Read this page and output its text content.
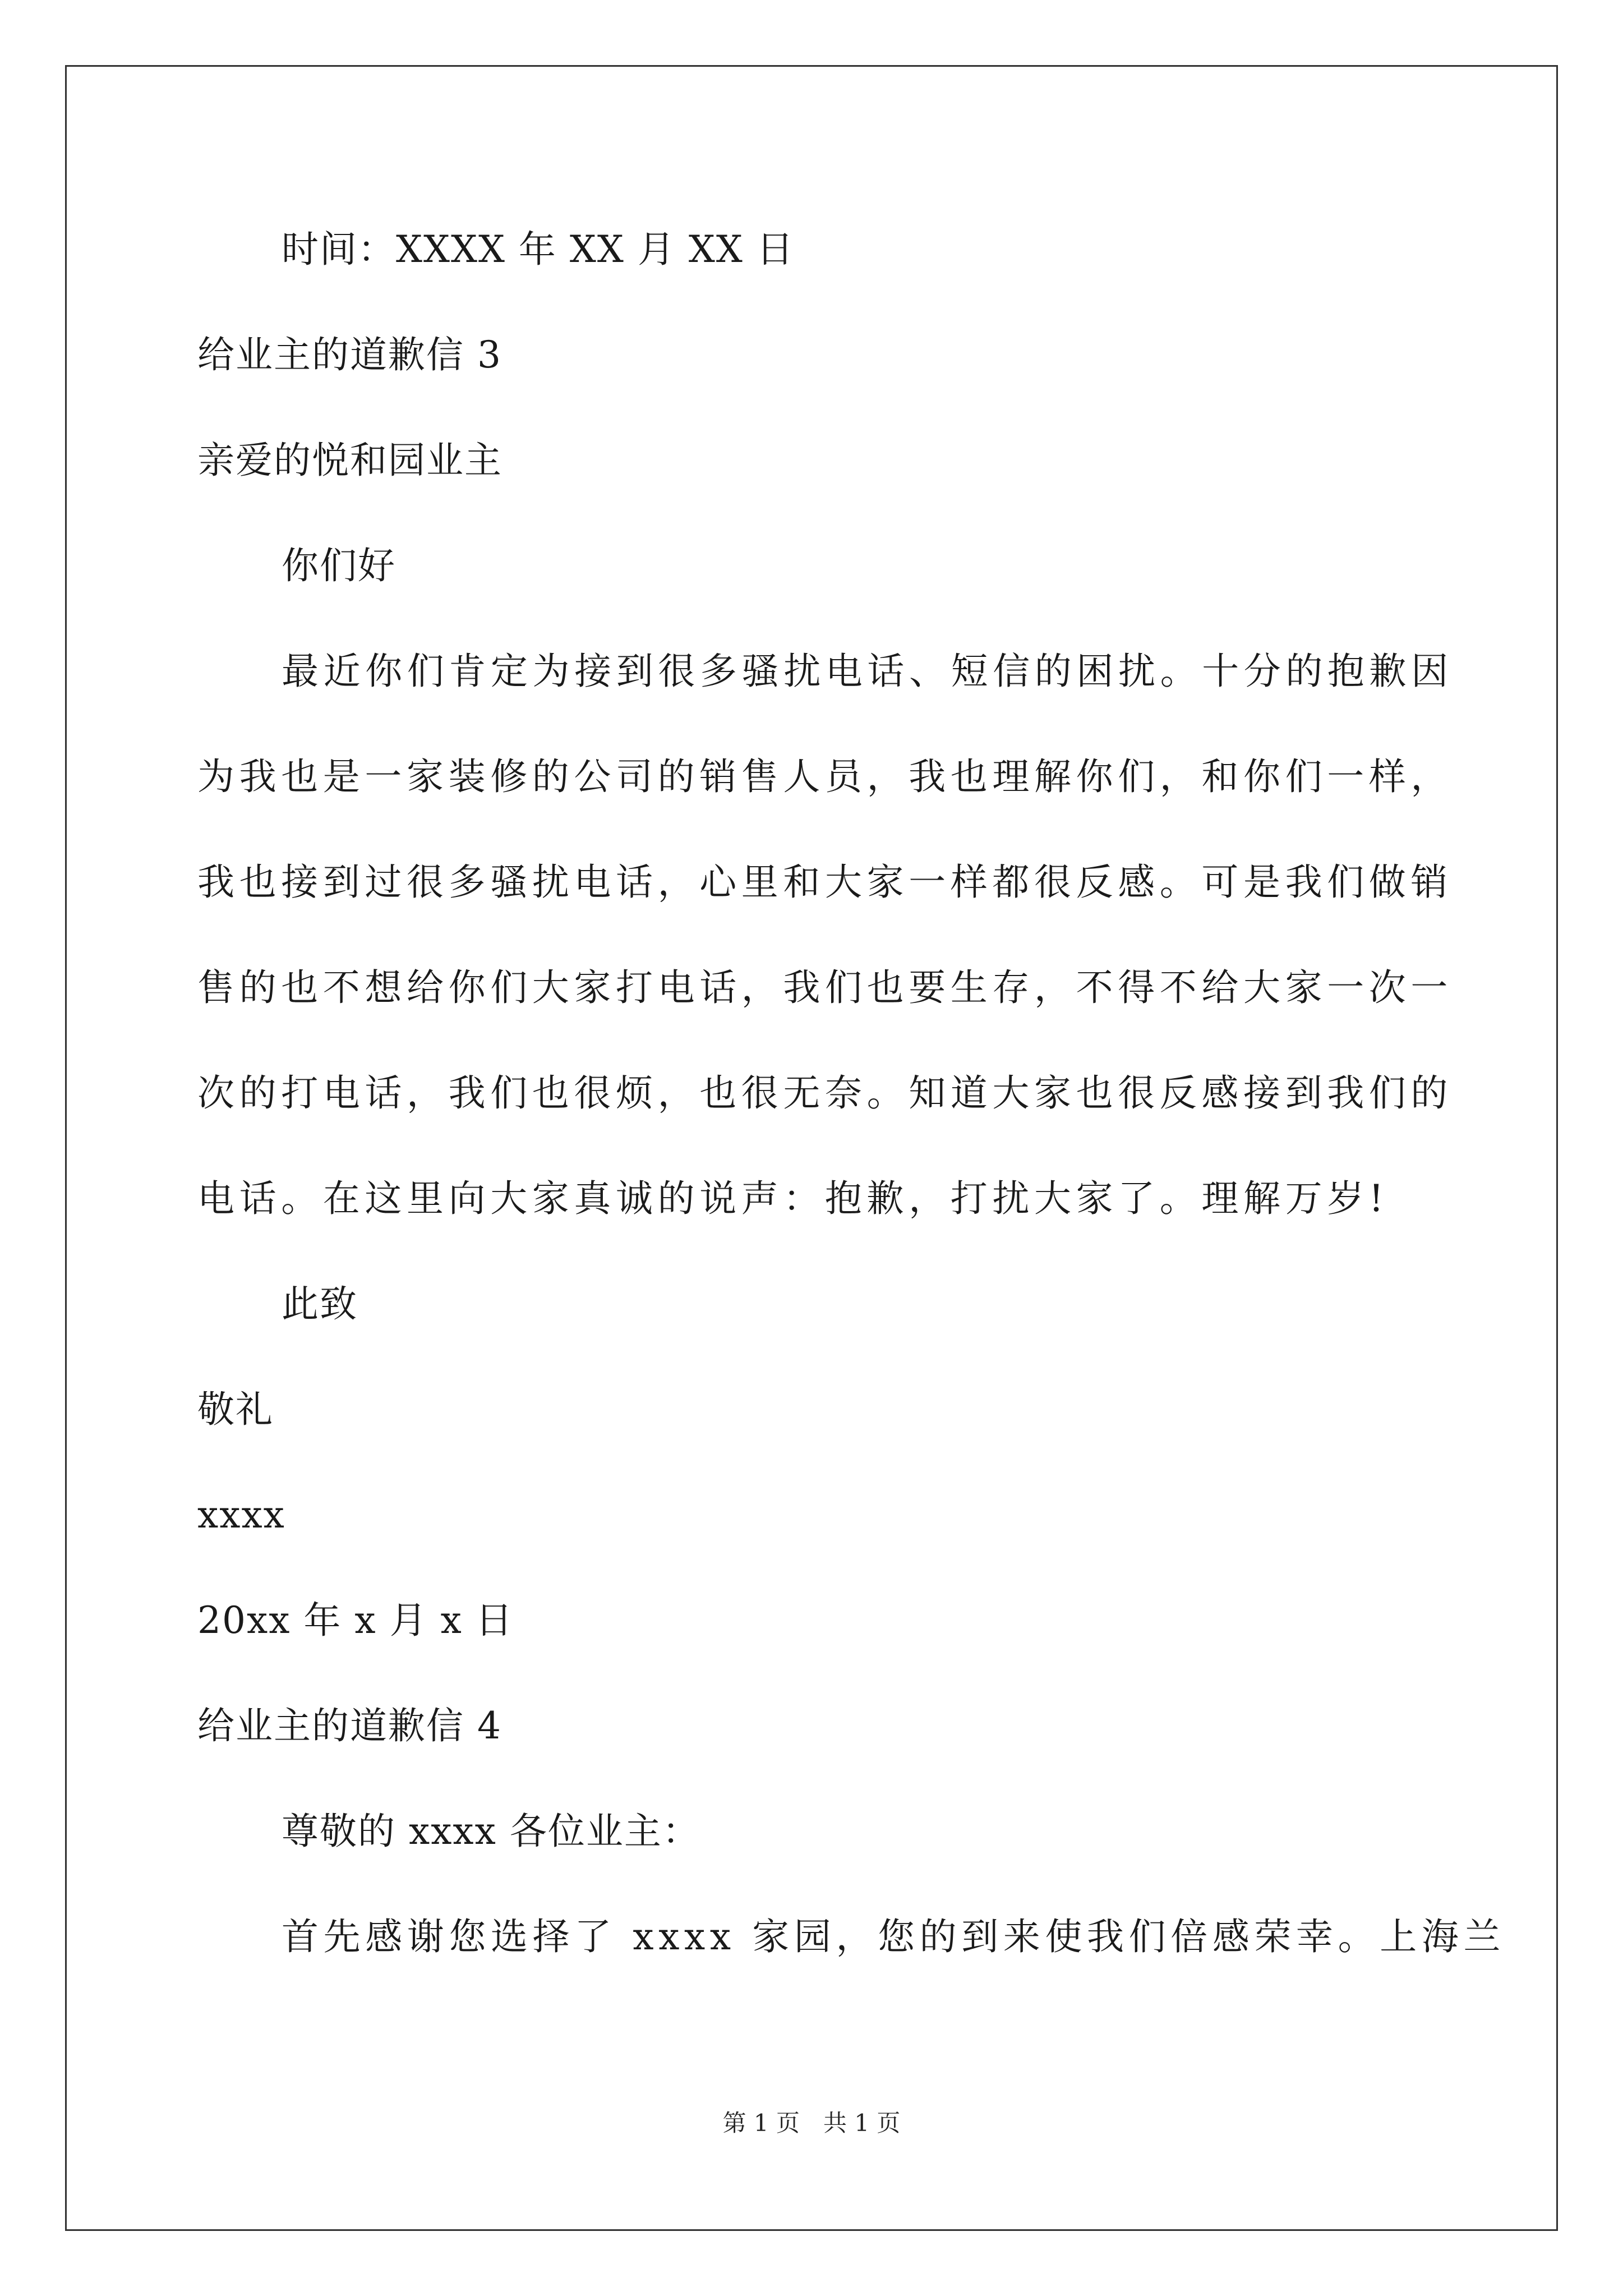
时间：XXXX 年 XX 月 XX 日
给业主的道歉信 3
亲爱的悦和园业主
你们好
最近你们肯定为接到很多骚扰电话、短信的困扰。十分的抱歉因
为我也是一家装修的公司的销售人员，我也理解你们，和你们一样，
我也接到过很多骚扰电话，心里和大家一样都很反感。可是我们做销
售的也不想给你们大家打电话，我们也要生存，不得不给大家一次一
次的打电话，我们也很烦，也很无奈。知道大家也很反感接到我们的
电话。在这里向大家真诚的说声：抱歉，打扰大家了。理解万岁!
此致
敬礼
xxxx
20xx 年 x 月 x 日
给业主的道歉信 4
尊敬的 xxxx 各位业主：
首先感谢您选择了 xxxx 家园，您的到来使我们倍感荣幸。上海兰
第 1 页　共 1 页
